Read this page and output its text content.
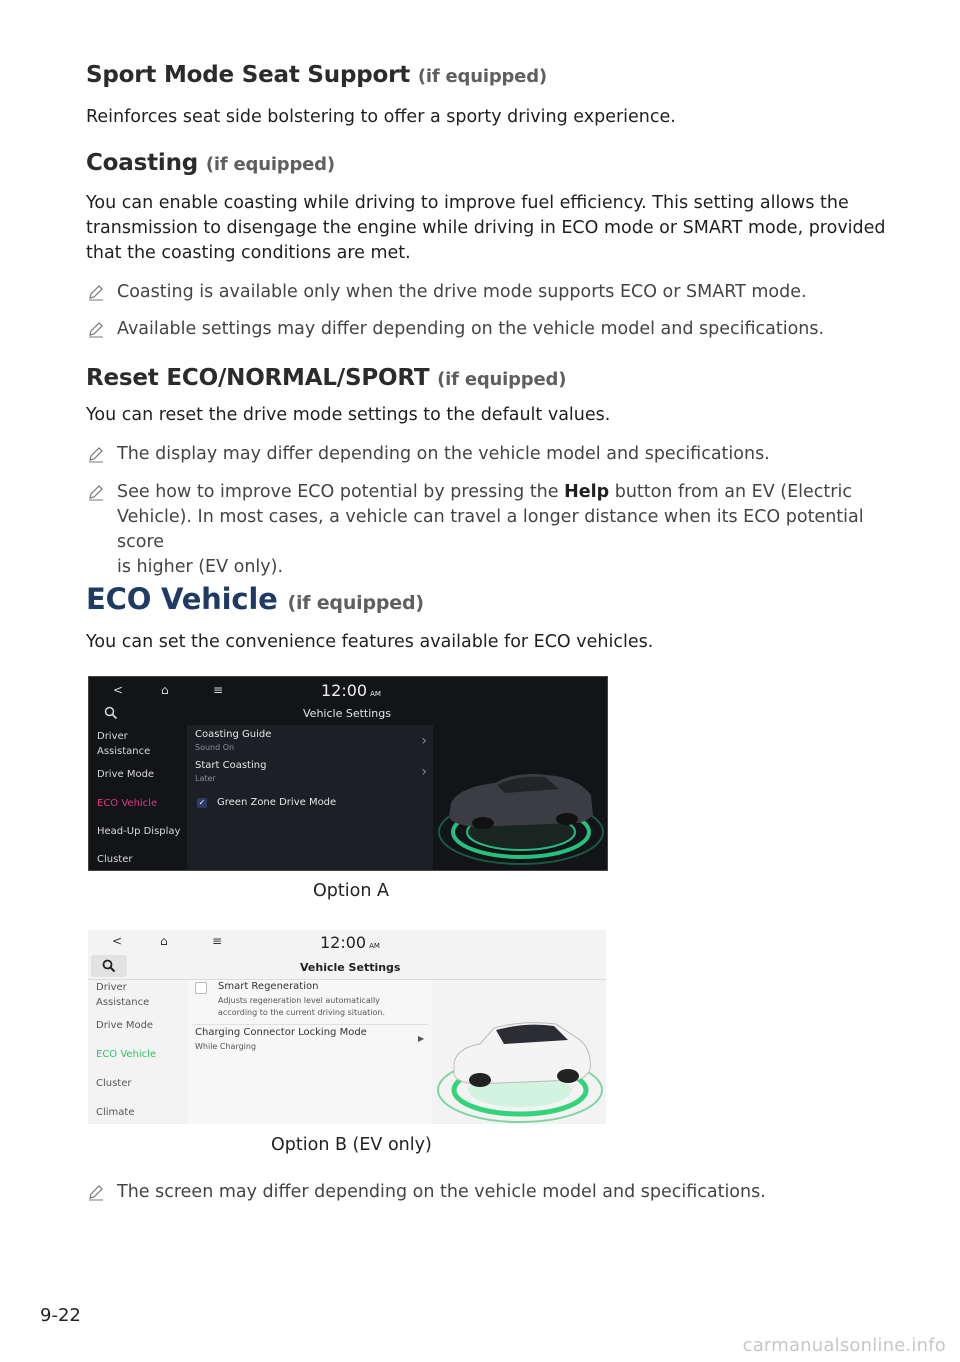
Sport Mode Seat Support (if equipped)

Reinforces seat side bolstering to offer a sporty driving experience.

Coasting (if equipped)

You can enable coasting while driving to improve fuel efficiency. This setting allows the

transmission to disengage the engine while driving in ECO mode or SMART mode, provided

that the coasting conditions are met.

Coasting is available only when the drive mode supports ECO or SMART mode.
Available settings may differ depending on the vehicle model and specifications.
Reset ECO/NORMAL/SPORT (if equipped)

You can reset the drive mode settings to the default values.

The display may differ depending on the vehicle model and specifications.
See how to improve ECO potential by pressing the Help button from an EV (Electric
Vehicle). In most cases, a vehicle can travel a longer distance when its ECO potential score
is higher (EV only).
ECO Vehicle (if equipped)

You can set the convenience features available for ECO vehicles.

<	⌂	≡	12:00 AM
Vehicle Settings
Driver
Assistance
Drive Mode
ECO Vehicle
Head-Up Display
Cluster
Coasting Guide
Sound On	›
Start Coasting
Later	›
✓ Green Zone Drive Mode
Option A
<	⌂	≡	12:00 AM
Vehicle Settings
Driver
Assistance
Drive Mode
ECO Vehicle
Cluster
Climate
Smart Regeneration
Adjusts regeneration level automatically
according to the current driving situation.
Charging Connector Locking Mode
While Charging
▶
Option B (EV only)
The screen may differ depending on the vehicle model and specifications.
9-22
carmanualsonline.info
